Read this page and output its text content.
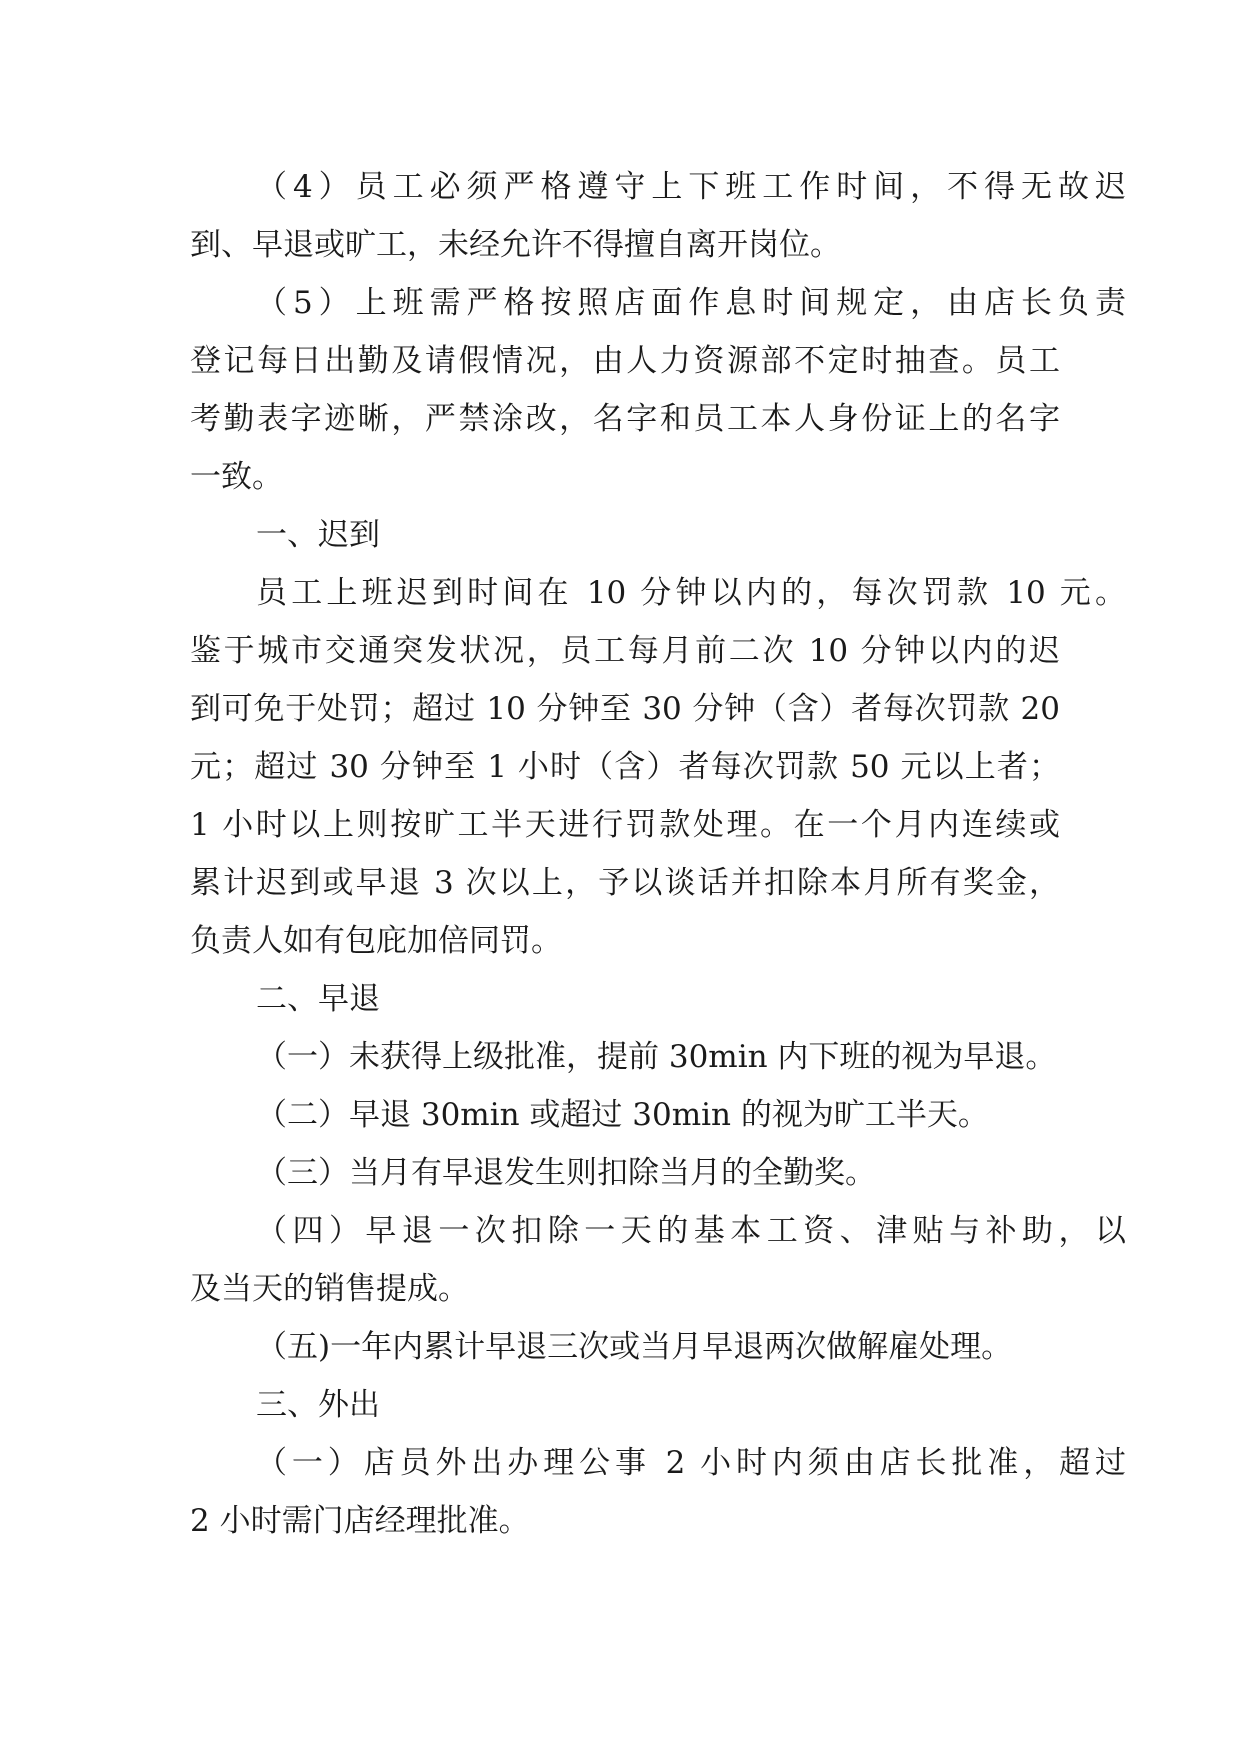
（4）员工必须严格遵守上下班工作时间，不得无故迟
到、早退或旷工，未经允许不得擅自离开岗位。
（5）上班需严格按照店面作息时间规定，由店长负责
登记每日出勤及请假情况，由人力资源部不定时抽查。员工
考勤表字迹晰，严禁涂改，名字和员工本人身份证上的名字
一致。
一、迟到
员工上班迟到时间在 10 分钟以内的，每次罚款 10 元。
鉴于城市交通突发状况，员工每月前二次 10 分钟以内的迟
到可免于处罚；超过 10 分钟至 30 分钟（含）者每次罚款 20
元；超过 30 分钟至 1 小时（含）者每次罚款 50 元以上者；
1 小时以上则按旷工半天进行罚款处理。在一个月内连续或
累计迟到或早退 3 次以上，予以谈话并扣除本月所有奖金，
负责人如有包庇加倍同罚。
二、早退
（一）未获得上级批准，提前 30min 内下班的视为早退。
（二）早退 30min 或超过 30min 的视为旷工半天。
（三）当月有早退发生则扣除当月的全勤奖。
（四）早退一次扣除一天的基本工资、津贴与补助，以
及当天的销售提成。
（五)一年内累计早退三次或当月早退两次做解雇处理。
三、外出
（一）店员外出办理公事 2 小时内须由店长批准，超过
2 小时需门店经理批准。
